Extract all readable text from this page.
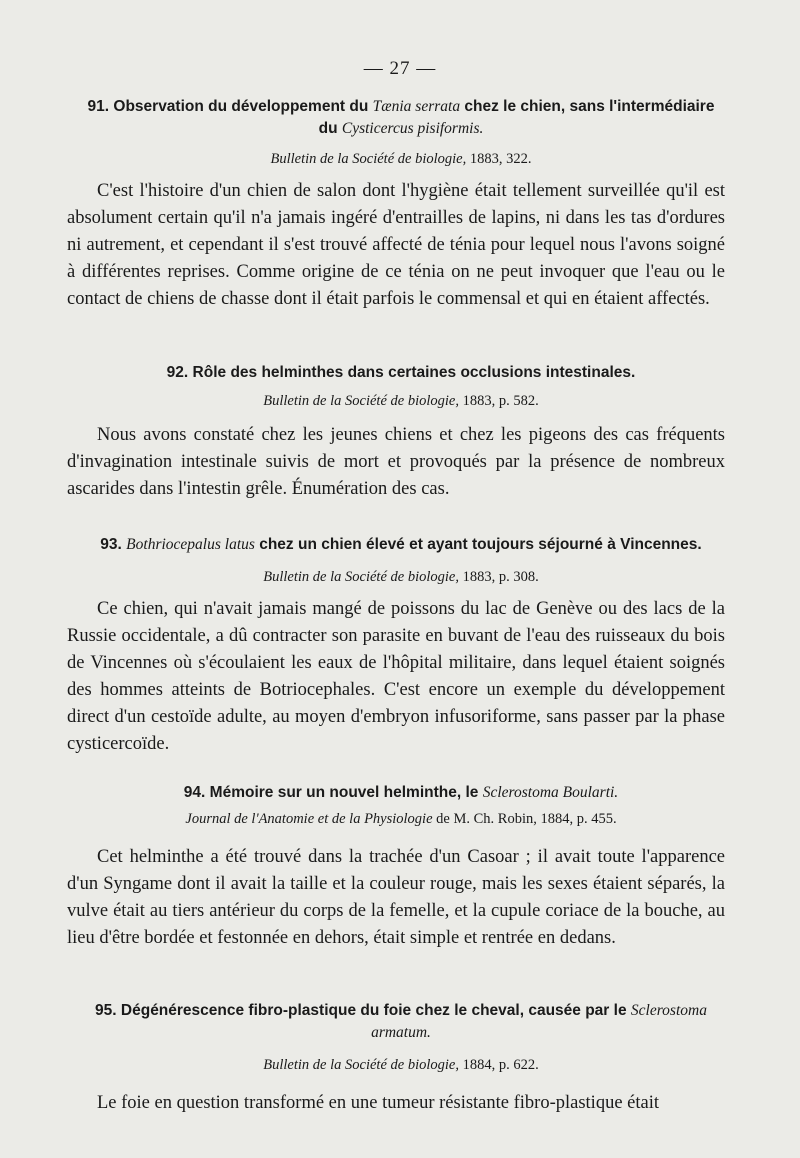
— 27 —
91. Observation du développement du Tænia serrata chez le chien, sans l'intermédiaire du Cysticercus pisiformis.
Bulletin de la Société de biologie, 1883, 322.
C'est l'histoire d'un chien de salon dont l'hygiène était tellement surveillée qu'il est absolument certain qu'il n'a jamais ingéré d'entrailles de lapins, ni dans les tas d'ordures ni autrement, et cependant il s'est trouvé affecté de ténia pour lequel nous l'avons soigné à différentes reprises. Comme origine de ce ténia on ne peut invoquer que l'eau ou le contact de chiens de chasse dont il était parfois le commensal et qui en étaient affectés.
92. Rôle des helminthes dans certaines occlusions intestinales.
Bulletin de la Société de biologie, 1883, p. 582.
Nous avons constaté chez les jeunes chiens et chez les pigeons des cas fréquents d'invagination intestinale suivis de mort et provoqués par la présence de nombreux ascarides dans l'intestin grêle. Énumération des cas.
93. Bothriocepalus latus chez un chien élevé et ayant toujours séjourné à Vincennes.
Bulletin de la Société de biologie, 1883, p. 308.
Ce chien, qui n'avait jamais mangé de poissons du lac de Genève ou des lacs de la Russie occidentale, a dû contracter son parasite en buvant de l'eau des ruisseaux du bois de Vincennes où s'écoulaient les eaux de l'hôpital militaire, dans lequel étaient soignés des hommes atteints de Botriocephales. C'est encore un exemple du développement direct d'un cestoïde adulte, au moyen d'embryon infusoriforme, sans passer par la phase cysticercoïde.
94. Mémoire sur un nouvel helminthe, le Sclerostoma Boularti.
Journal de l'Anatomie et de la Physiologie de M. Ch. Robin, 1884, p. 455.
Cet helminthe a été trouvé dans la trachée d'un Casoar ; il avait toute l'apparence d'un Syngame dont il avait la taille et la couleur rouge, mais les sexes étaient séparés, la vulve était au tiers antérieur du corps de la femelle, et la cupule coriace de la bouche, au lieu d'être bordée et festonnée en dehors, était simple et rentrée en dedans.
95. Dégénérescence fibro-plastique du foie chez le cheval, causée par le Sclerostoma armatum.
Bulletin de la Société de biologie, 1884, p. 622.
Le foie en question transformé en une tumeur résistante fibro-plastique était
